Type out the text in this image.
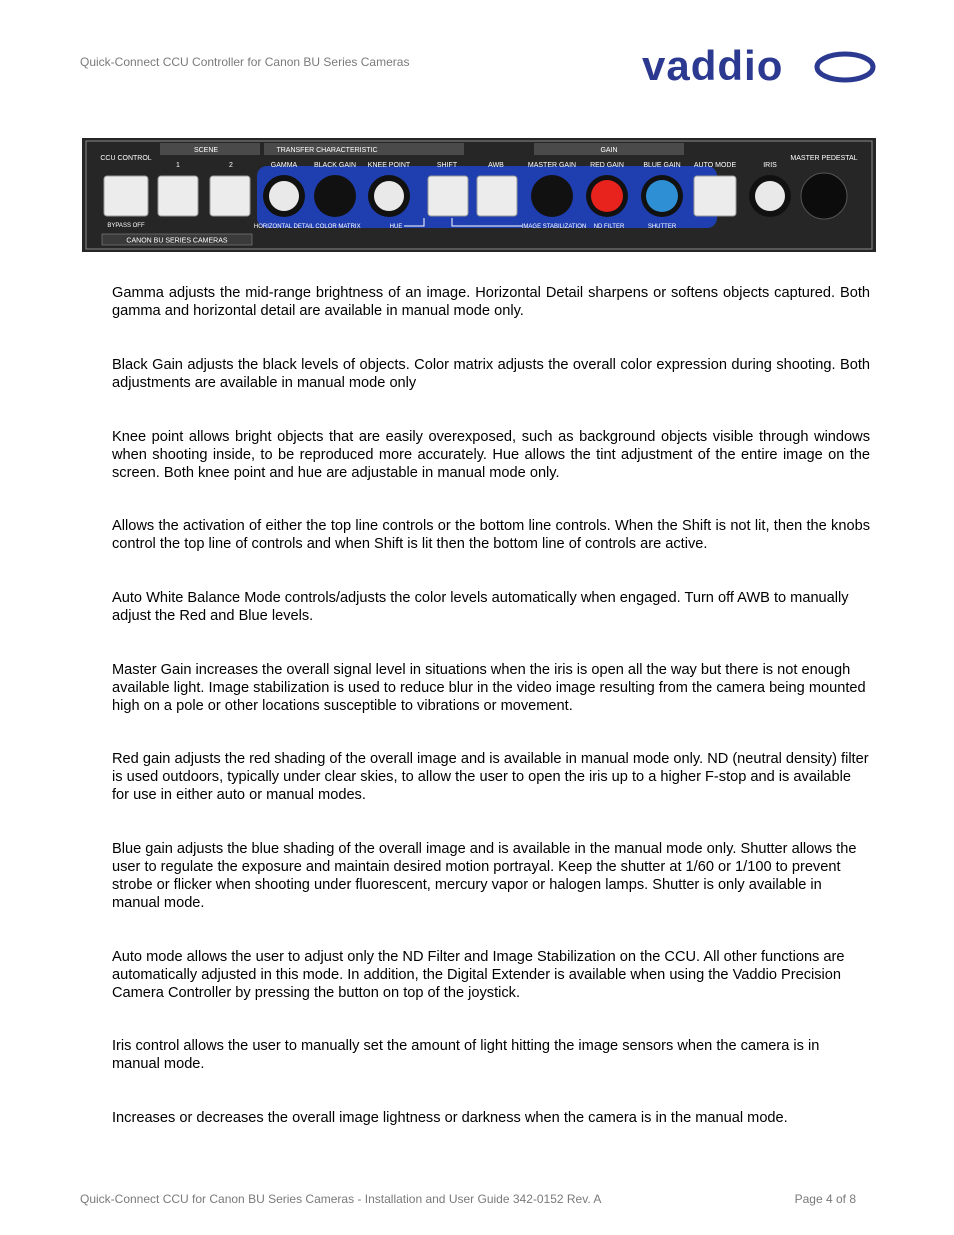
Quick-Connect CCU Controller for Canon BU Series Cameras	vaddio
SCENE	TRANSFER CHARACTERISTIC	GAIN
CCU CONTROL
1	2	GAMMA BLACK GAIN KNEE POINT	SHIFT	AWB	MASTER GAIN RED GAIN	BLUE GAIN AUTO MODE	IRIS
MASTER PEDESTAL
BYPASS OFF	HORIZONTAL DETAIL COLOR MATRIX	HUE	IMAGE STABILIZATION ND FILTER	SHUTTER
CANON BU SERIES CAMERAS
Gamma adjusts the mid-range brightness of an image. Horizontal Detail sharpens or softens objects captured. Both gamma and horizontal detail are available in manual mode only.
Black Gain adjusts the black levels of objects. Color matrix adjusts the overall color expression during shooting. Both adjustments are available in manual mode only
Knee point allows bright objects that are easily overexposed, such as background objects visible through windows when shooting inside, to be reproduced more accurately. Hue allows the tint adjustment of the entire image on the screen. Both knee point and hue are adjustable in manual mode only.
Allows the activation of either the top line controls or the bottom line controls. When the Shift is not lit, then the knobs control the top line of controls and when Shift is lit then the bottom line of controls are active.
Auto White Balance Mode controls/adjusts the color levels automatically when engaged. Turn off AWB to manually adjust the Red and Blue levels.
Master Gain increases the overall signal level in situations when the iris is open all the way but there is not enough available light. Image stabilization is used to reduce blur in the video image resulting from the camera being mounted high on a pole or other locations susceptible to vibrations or movement.
Red gain adjusts the red shading of the overall image and is available in manual mode only. ND (neutral density) filter is used outdoors, typically under clear skies, to allow the user to open the iris up to a higher F-stop and is available for use in either auto or manual modes.
Blue gain adjusts the blue shading of the overall image and is available in the manual mode only. Shutter allows the user to regulate the exposure and maintain desired motion portrayal. Keep the shutter at 1/60 or 1/100 to prevent strobe or flicker when shooting under fluorescent, mercury vapor or halogen lamps. Shutter is only available in manual mode.
Auto mode allows the user to adjust only the ND Filter and Image Stabilization on the CCU. All other functions are automatically adjusted in this mode. In addition, the Digital Extender is available when using the Vaddio Precision Camera Controller by pressing the button on top of the joystick.
Iris control allows the user to manually set the amount of light hitting the image sensors when the camera is in manual mode.
Increases or decreases the overall image lightness or darkness when the camera is in the manual mode.
Quick-Connect CCU for Canon BU Series Cameras - Installation and User Guide 342-0152 Rev. A	Page 4 of 8
